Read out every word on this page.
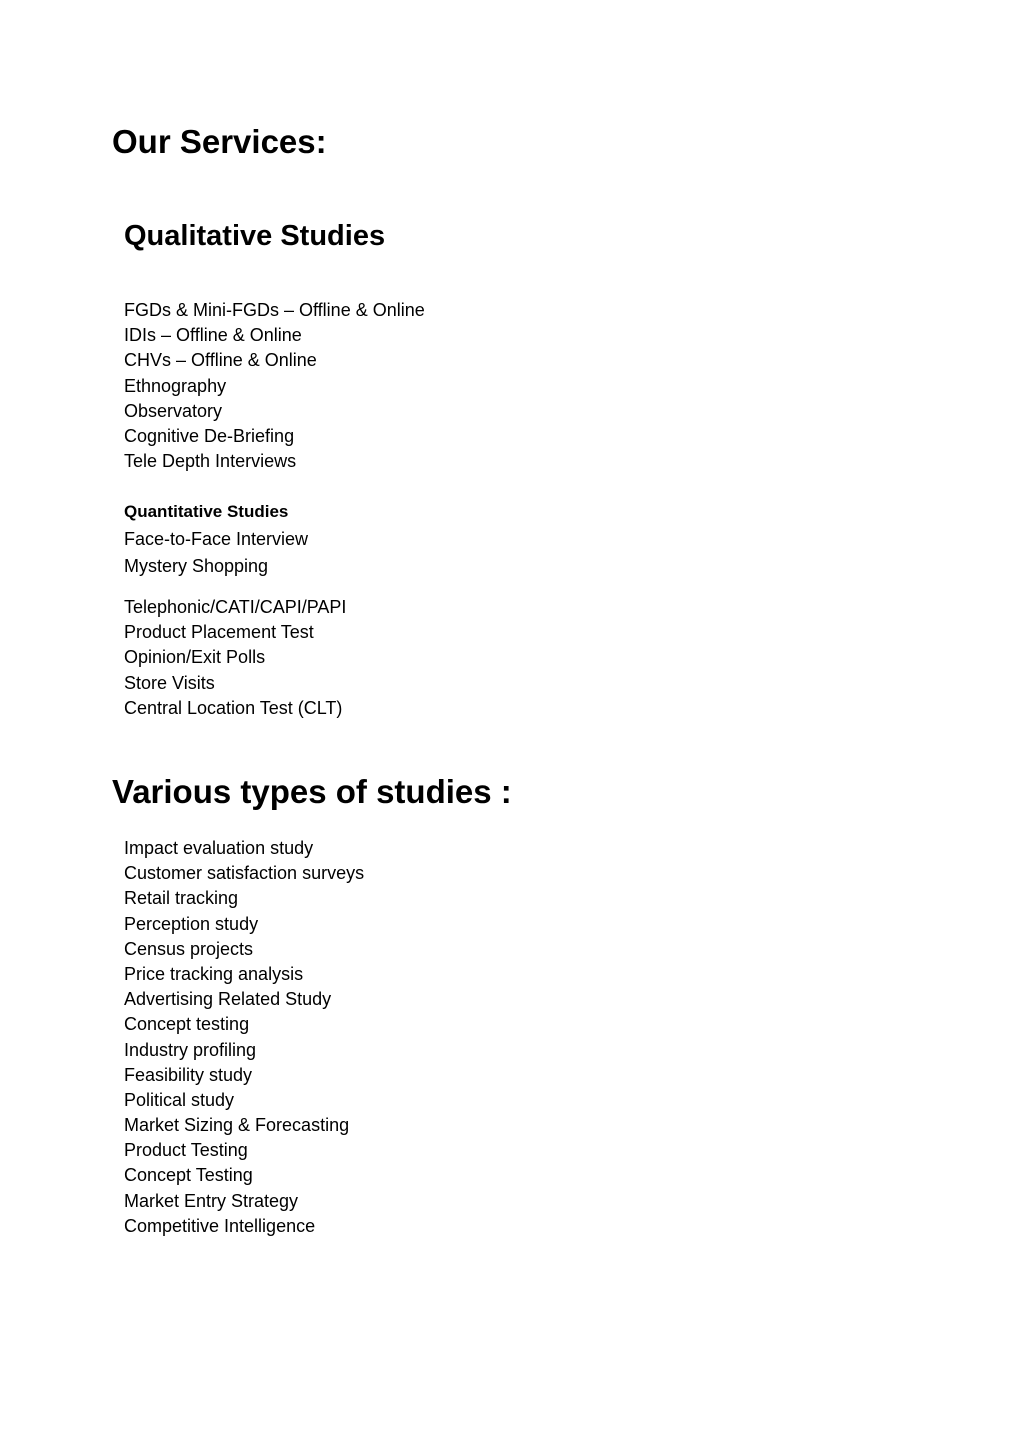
Our Services:
Qualitative Studies
FGDs & Mini-FGDs – Offline & Online
IDIs – Offline & Online
CHVs – Offline & Online
Ethnography
Observatory
Cognitive De-Briefing
Tele Depth Interviews
Quantitative Studies
Face-to-Face Interview
Mystery Shopping
Telephonic/CATI/CAPI/PAPI
Product Placement Test
Opinion/Exit Polls
Store Visits
Central Location Test (CLT)
Various types of studies :
Impact evaluation study
Customer satisfaction surveys
Retail tracking
Perception study
Census projects
Price tracking analysis
Advertising Related Study
Concept testing
Industry profiling
Feasibility study
Political study
Market Sizing & Forecasting
Product Testing
Concept Testing
Market Entry Strategy
Competitive Intelligence
